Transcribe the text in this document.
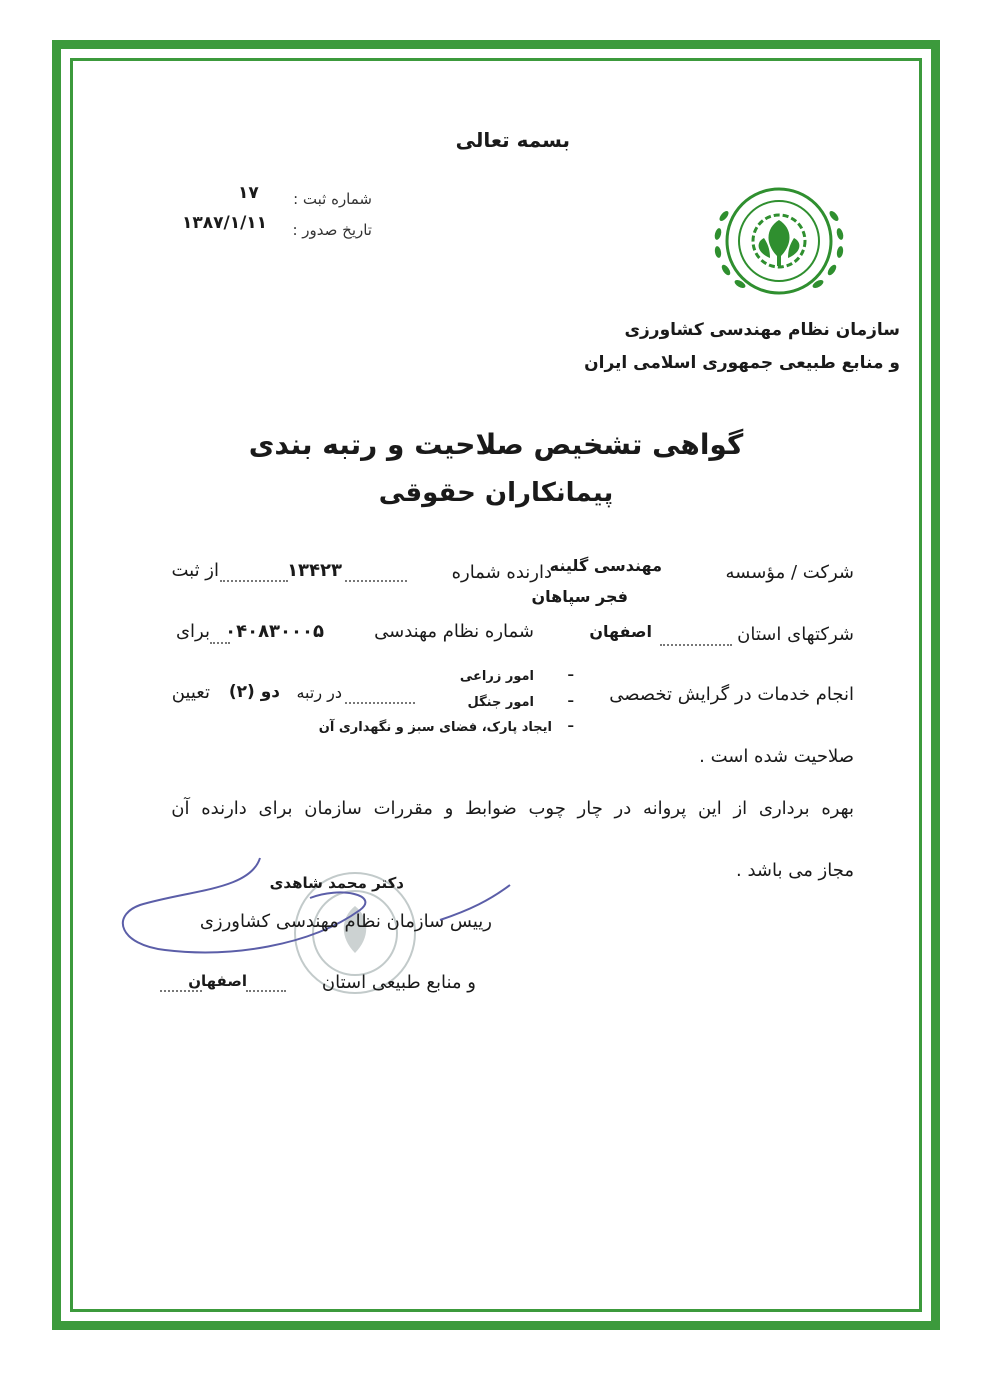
بسمه تعالی
شماره ثبت :
۱۷
تاریخ صدور :
۱۳۸۷/۱/۱۱
سازمان نظام مهندسی کشاورزی
و منابع طبیعی جمهوری اسلامی ایران
گواهی تشخیص صلاحیت و رتبه بندی
پیمانکاران حقوقی
شرکت / مؤسسه
مهندسی گلینه
فجر سپاهان
دارنده شماره
۱۳۴۲۳
از ثبت
شرکتهای استان
اصفهان
شماره نظام مهندسی
۰۴۰۸۳۰۰۰۵
برای
انجام خدمات در گرایش تخصصی
–
امور زراعی
–
امور جنگل
–
ایجاد پارک، فضای سبز و نگهداری آن
در رتبه
دو (۲)
تعیین
صلاحیت شده است .
بهره برداری از این پروانه در چار چوب ضوابط و مقررات سازمان برای دارنده آن
مجاز می باشد .
دکتر محمد شاهدی
رییس سازمان نظام مهندسی کشاورزی
و منابع طبیعی استان
اصفهان
